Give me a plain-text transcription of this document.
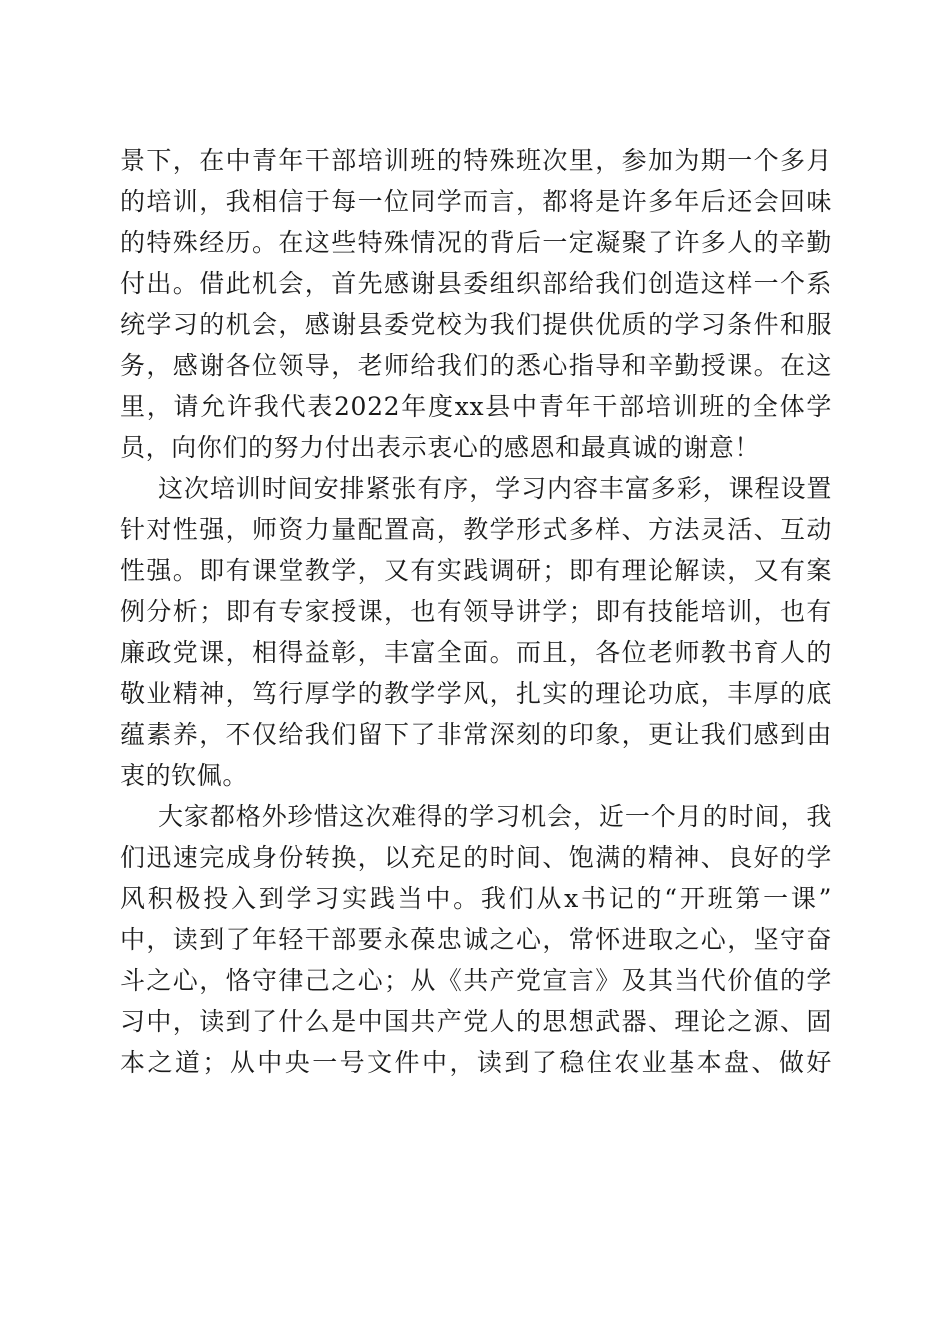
景下，在中青年干部培训班的特殊班次里，参加为期一个多月
的培训，我相信于每一位同学而言，都将是许多年后还会回味
的特殊经历。在这些特殊情况的背后一定凝聚了许多人的辛勤
付出。借此机会，首先感谢县委组织部给我们创造这样一个系
统学习的机会，感谢县委党校为我们提供优质的学习条件和服
务，感谢各位领导，老师给我们的悉心指导和辛勤授课。在这
里，请允许我代表2022年度xx县中青年干部培训班的全体学
员，向你们的努力付出表示衷心的感恩和最真诚的谢意！
这次培训时间安排紧张有序，学习内容丰富多彩，课程设置
针对性强，师资力量配置高，教学形式多样、方法灵活、互动
性强。即有课堂教学，又有实践调研；即有理论解读，又有案
例分析；即有专家授课，也有领导讲学；即有技能培训，也有
廉政党课，相得益彰，丰富全面。而且，各位老师教书育人的
敬业精神，笃行厚学的教学学风，扎实的理论功底，丰厚的底
蕴素养，不仅给我们留下了非常深刻的印象，更让我们感到由
衷的钦佩。
大家都格外珍惜这次难得的学习机会，近一个月的时间，我
们迅速完成身份转换，以充足的时间、饱满的精神、良好的学
风积极投入到学习实践当中。我们从x书记的“开班第一课”
中，读到了年轻干部要永葆忠诚之心，常怀进取之心，坚守奋
斗之心，恪守律己之心；从《共产党宣言》及其当代价值的学
习中，读到了什么是中国共产党人的思想武器、理论之源、固
本之道；从中央一号文件中，读到了稳住农业基本盘、做好
